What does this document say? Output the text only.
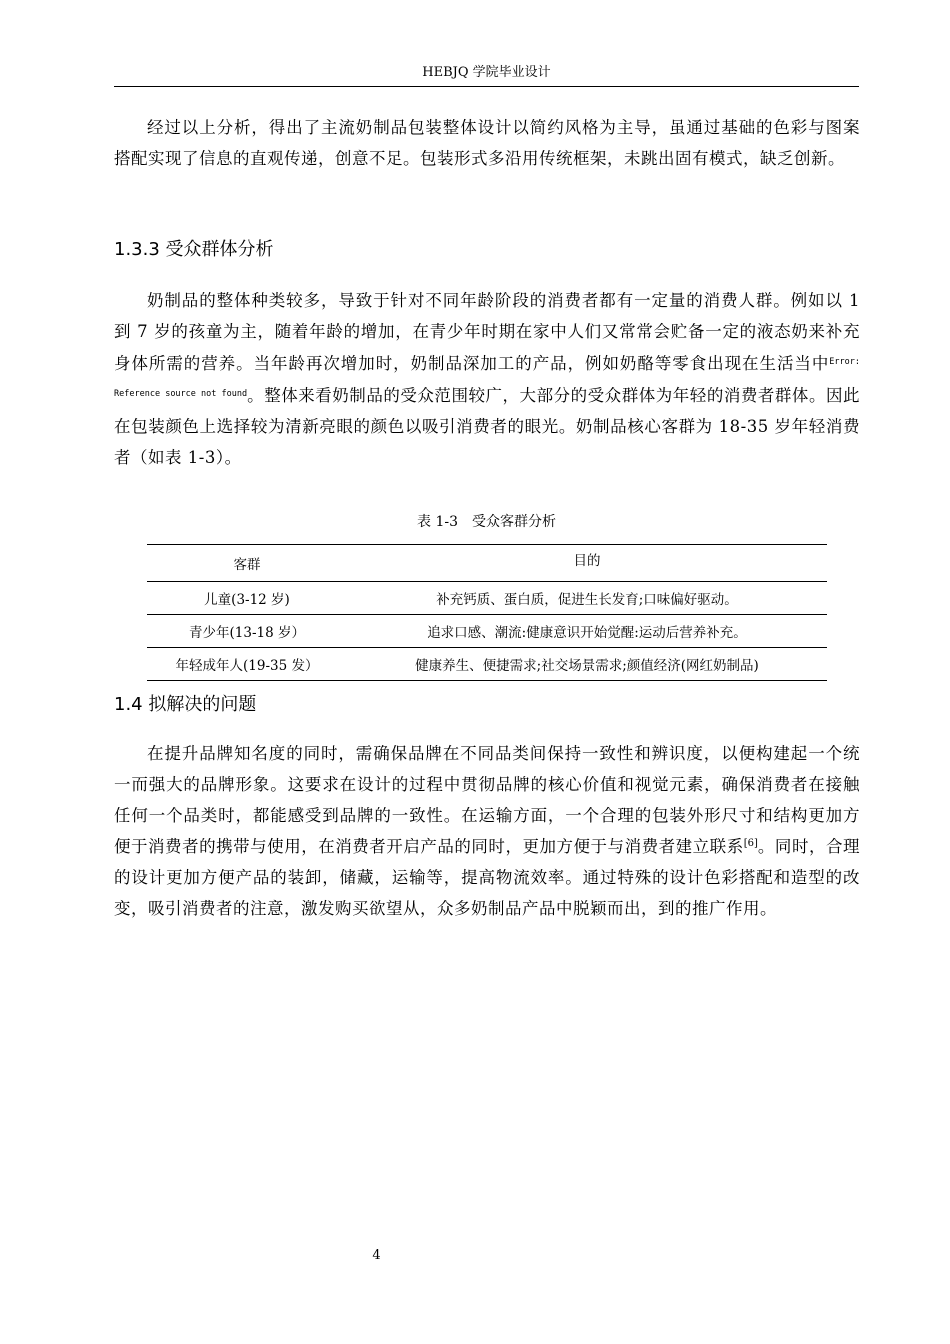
HEBJQ 学院毕业设计

经过以上分析，得出了主流奶制品包装整体设计以简约风格为主导，虽通过基础的色彩与图案搭配实现了信息的直观传递，创意不足。包装形式多沿用传统框架，未跳出固有模式，缺乏创新。

1.3.3 受众群体分析

奶制品的整体种类较多，导致于针对不同年龄阶段的消费者都有一定量的消费人群。例如以 1 到 7 岁的孩童为主，随着年龄的增加，在青少年时期在家中人们又常常会贮备一定的液态奶来补充身体所需的营养。当年龄再次增加时，奶制品深加工的产品，例如奶酪等零食出现在生活当中$^{Error: Reference source not found}$。整体来看奶制品的受众范围较广，大部分的受众群体为年轻的消费者群体。因此在包装颜色上选择较为清新亮眼的颜色以吸引消费者的眼光。奶制品核心客群为 18-35 岁年轻消费者（如表 1-3）。

表 1-3　受众客群分析
客群	目的
儿童(3-12 岁)	补充钙质、蛋白质，促进生长发育;口味偏好驱动。
青少年(13-18 岁）	追求口感、潮流:健康意识开始觉醒:运动后营养补充。
年轻成年人(19-35 发）	健康养生、便捷需求;社交场景需求;颜值经济(网红奶制品)
1.4 拟解决的问题

在提升品牌知名度的同时，需确保品牌在不同品类间保持一致性和辨识度，以便构建起一个统一而强大的品牌形象。这要求在设计的过程中贯彻品牌的核心价值和视觉元素，确保消费者在接触任何一个品类时，都能感受到品牌的一致性。在运输方面，一个合理的包装外形尺寸和结构更加方便于消费者的携带与使用，在消费者开启产品的同时，更加方便于与消费者建立联系[6]。同时，合理的设计更加方便产品的装卸，储藏，运输等，提高物流效率。通过特殊的设计色彩搭配和造型的改变，吸引消费者的注意，激发购买欲望从，众多奶制品产品中脱颖而出，到的推广作用。

4
